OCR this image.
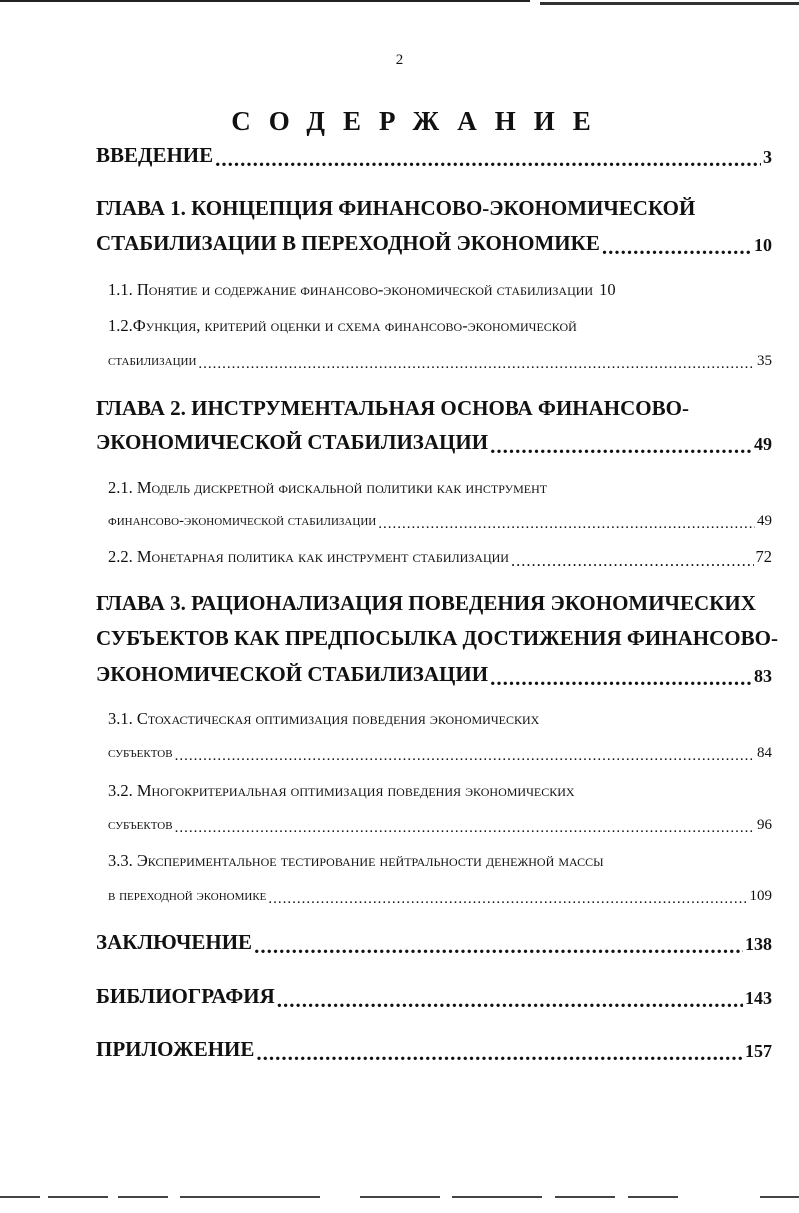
2
СОДЕРЖАНИЕ
ВВЕДЕНИЕ .....	3
ГЛАВА 1. КОНЦЕПЦИЯ ФИНАНСОВО-ЭКОНОМИЧЕСКОЙ
СТАБИЛИЗАЦИИ В ПЕРЕХОДНОЙ ЭКОНОМИКЕ .....	10
1.1. Понятие и содержание финансово-экономической стабилизации 10
1.2.Функция, критерий оценки и схема финансово-экономической
стабилизации .....	35
ГЛАВА 2. ИНСТРУМЕНТАЛЬНАЯ ОСНОВА ФИНАНСОВО-
ЭКОНОМИЧЕСКОЙ СТАБИЛИЗАЦИИ .....	49
2.1. Модель дискретной фискальной политики как инструмент
финансово-экономической стабилизации .....	49
2.2. Монетарная политика как инструмент стабилизации .....	72
ГЛАВА 3. РАЦИОНАЛИЗАЦИЯ ПОВЕДЕНИЯ ЭКОНОМИЧЕСКИХ
СУБЪЕКТОВ КАК ПРЕДПОСЫЛКА ДОСТИЖЕНИЯ ФИНАНСОВО-
ЭКОНОМИЧЕСКОЙ СТАБИЛИЗАЦИИ .....	83
3.1. Стохастическая оптимизация поведения экономических
субъектов .....	84
3.2. Многокритериальная оптимизация поведения экономических
субъектов .....	96
3.3. Экспериментальное тестирование нейтральности денежной массы
в переходной экономике .....	109
ЗАКЛЮЧЕНИЕ .....	138
БИБЛИОГРАФИЯ .....	143
ПРИЛОЖЕНИЕ .....	157
